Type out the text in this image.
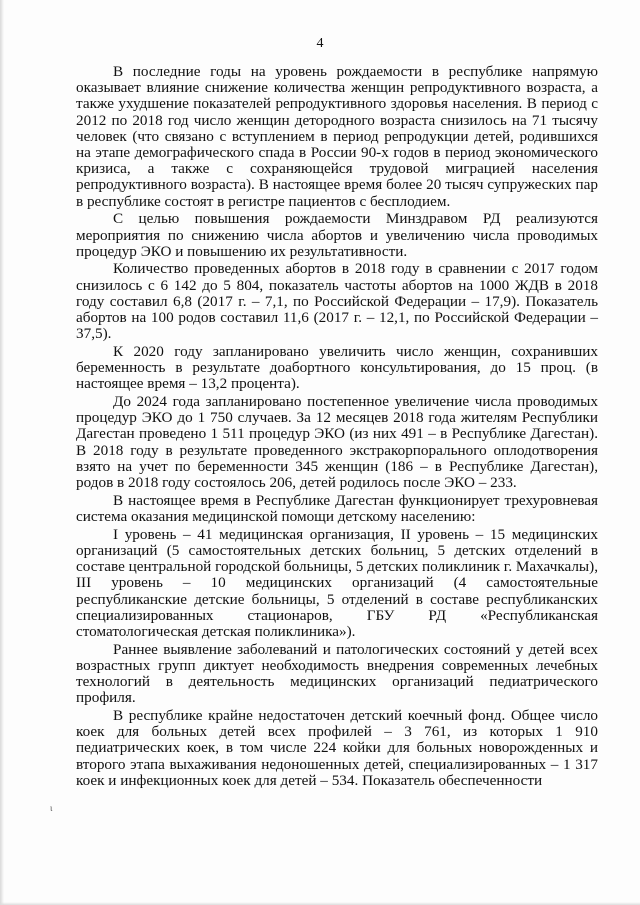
4

В последние годы на уровень рождаемости в республике напрямую оказывает влияние снижение количества женщин репродуктивного возраста, а также ухудшение показателей репродуктивного здоровья населения. В период с 2012 по 2018 год число женщин детородного возраста снизилось на 71 тысячу человек (что связано с вступлением в период репродукции детей, родившихся на этапе демографического спада в России 90-х годов в период экономического кризиса, а также с сохраняющейся трудовой миграцией населения репродуктивного возраста). В настоящее время более 20 тысяч супружеских пар в республике состоят в регистре пациентов с бесплодием.

С целью повышения рождаемости Минздравом РД реализуются мероприятия по снижению числа абортов и увеличению числа проводимых процедур ЭКО и повышению их результативности.

Количество проведенных абортов в 2018 году в сравнении с 2017 годом снизилось с 6 142 до 5 804, показатель частоты абортов на 1000 ЖДВ в 2018 году составил 6,8 (2017 г. – 7,1, по Российской Федерации – 17,9). Показатель абортов на 100 родов составил 11,6 (2017 г. – 12,1, по Российской Федерации – 37,5).

К 2020 году запланировано увеличить число женщин, сохранивших беременность в результате доабортного консультирования, до 15 проц. (в настоящее время – 13,2 процента).

До 2024 года запланировано постепенное увеличение числа проводимых процедур ЭКО до 1 750 случаев. За 12 месяцев 2018 года жителям Республики Дагестан проведено 1 511 процедур ЭКО (из них 491 – в Республике Дагестан). В 2018 году в результате проведенного экстракорпорального оплодотворения взято на учет по беременности 345 женщин (186 – в Республике Дагестан), родов в 2018 году состоялось 206, детей родилось после ЭКО – 233.

В настоящее время в Республике Дагестан функционирует трехуровневая система оказания медицинской помощи детскому населению:

I уровень – 41 медицинская организация, II уровень – 15 медицинских организаций (5 самостоятельных детских больниц, 5 детских отделений в составе центральной городской больницы, 5 детских поликлиник г. Махачкалы), III уровень – 10 медицинских организаций (4 самостоятельные республиканские детские больницы, 5 отделений в составе республиканских специализированных стационаров, ГБУ РД «Республиканская стоматологическая детская поликлиника»).

Раннее выявление заболеваний и патологических состояний у детей всех возрастных групп диктует необходимость внедрения современных лечебных технологий в деятельность медицинских организаций педиатрического профиля.

В республике крайне недостаточен детский коечный фонд. Общее число коек для больных детей всех профилей – 3 761, из которых 1 910 педиатрических коек, в том числе 224 койки для больных новорожденных и второго этапа выхаживания недоношенных детей, специализированных – 1 317 коек и инфекционных коек для детей – 534. Показатель обеспеченности

ɩ
